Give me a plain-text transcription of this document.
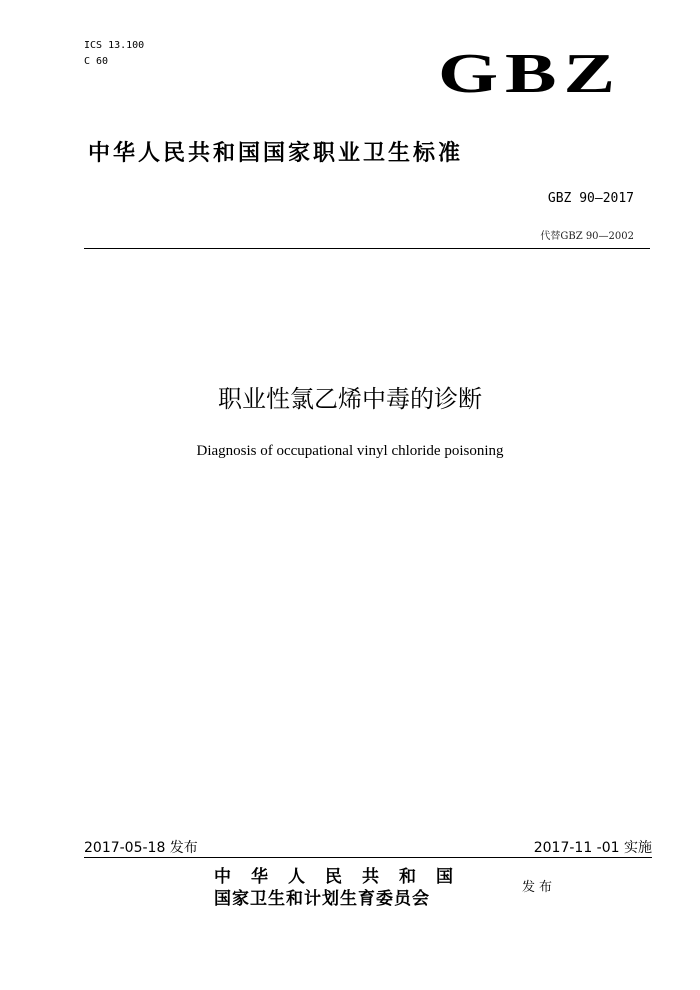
ICS 13.100
C 60	GBZ
中华人民共和国国家职业卫生标准
GBZ 90—2017
代替GBZ 90—2002
职业性氯乙烯中毒的诊断
Diagnosis of occupational vinyl chloride poisoning
2017-05-18 发布	2017-11 -01 实施
中华人民共和国
国家卫生和计划生育委员会
发布
